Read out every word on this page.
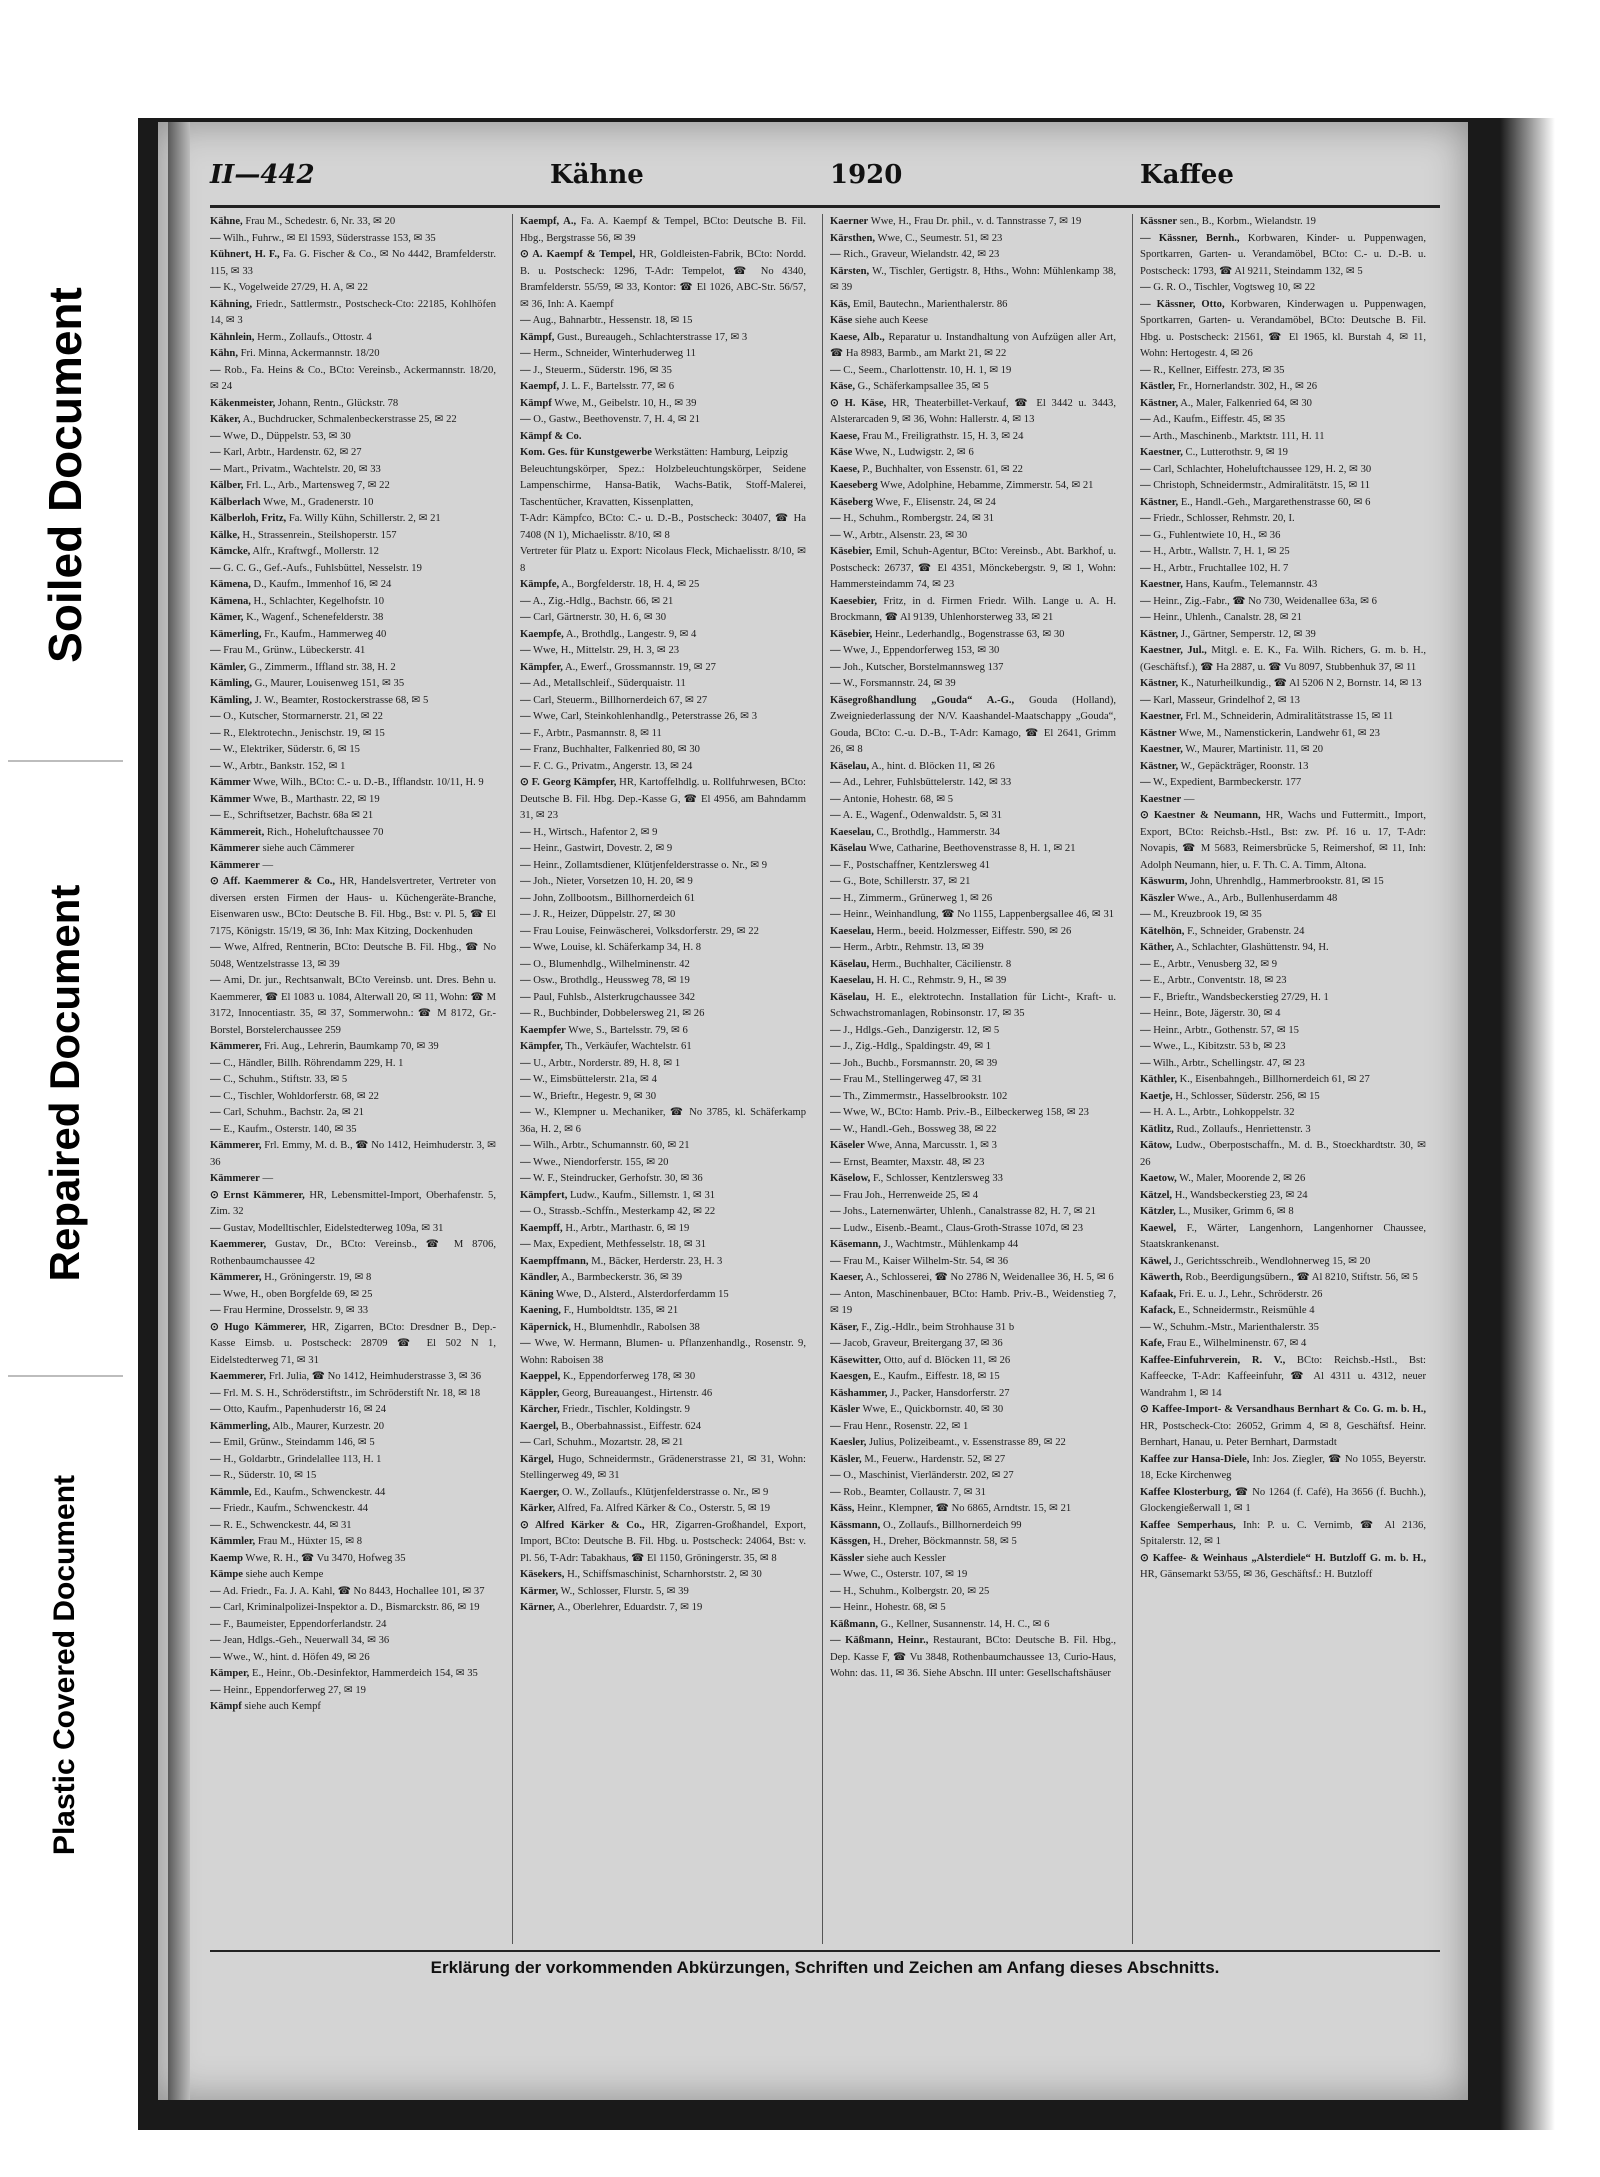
Soiled Document
Repaired Document
Plastic Covered Document
II—442	Kähne	1920	Kaffee

Kähne, Frau M., Schedestr. 6, Nr. 33, ✉ 20

— Wilh., Fuhrw., ✉ El 1593, Süderstrasse 153, ✉ 35

Kühnert, H. F., Fa. G. Fischer & Co., ✉ No 4442, Bramfelderstr. 115, ✉ 33

— K., Vogelweide 27/29, H. A, ✉ 22

Kähning, Friedr., Sattlermstr., Postscheck-Cto: 22185, Kohlhöfen 14, ✉ 3

Kähnlein, Herm., Zollaufs., Ottostr. 4

Kähn, Fri. Minna, Ackermannstr. 18/20

— Rob., Fa. Heins & Co., BCto: Vereinsb., Ackermannstr. 18/20, ✉ 24

Käkenmeister, Johann, Rentn., Glückstr. 78

Käker, A., Buchdrucker, Schmalenbeckerstrasse 25, ✉ 22

— Wwe, D., Düppelstr. 53, ✉ 30

— Karl, Arbtr., Hardenstr. 62, ✉ 27

— Mart., Privatm., Wachtelstr. 20, ✉ 33

Kälber, Frl. L., Arb., Martensweg 7, ✉ 22

Kälberlach Wwe, M., Gradenerstr. 10

Kälberloh, Fritz, Fa. Willy Kühn, Schillerstr. 2, ✉ 21

Kälke, H., Strassenrein., Steilshoperstr. 157

Kämcke, Alfr., Kraftwgf., Mollerstr. 12

— G. C. G., Gef.-Aufs., Fuhlsbüttel, Nesselstr. 19

Kämena, D., Kaufm., Immenhof 16, ✉ 24

Kämena, H., Schlachter, Kegelhofstr. 10

Kämer, K., Wagenf., Schenefelderstr. 38

Kämerling, Fr., Kaufm., Hammerweg 40

— Frau M., Grünw., Lübeckerstr. 41

Kämler, G., Zimmerm., Iffland str. 38, H. 2

Kämling, G., Maurer, Louisenweg 151, ✉ 35

Kämling, J. W., Beamter, Rostockerstrasse 68, ✉ 5

— O., Kutscher, Stormarnerstr. 21, ✉ 22

— R., Elektrotechn., Jenischstr. 19, ✉ 15

— W., Elektriker, Süderstr. 6, ✉ 15

— W., Arbtr., Bankstr. 152, ✉ 1

Kämmer Wwe, Wilh., BCto: C.- u. D.-B., Ifflandstr. 10/11, H. 9

Kämmer Wwe, B., Marthastr. 22, ✉ 19

— E., Schriftsetzer, Bachstr. 68a ✉ 21

Kämmereit, Rich., Hoheluftchaussee 70

Kämmerer siehe auch Cämmerer

Kämmerer —

⊙ Aff. Kaemmerer & Co., HR, Handelsvertreter, Vertreter von diversen ersten Firmen der Haus- u. Küchengeräte-Branche, Eisenwaren usw., BCto: Deutsche B. Fil. Hbg., Bst: v. Pl. 5, ☎ El 7175, Königstr. 15/19, ✉ 36, Inh: Max Kitzing, Dockenhuden

— Wwe, Alfred, Rentnerin, BCto: Deutsche B. Fil. Hbg., ☎ No 5048, Wentzelstrasse 13, ✉ 39

— Ami, Dr. jur., Rechtsanwalt, BCto Vereinsb. unt. Dres. Behn u. Kaemmerer, ☎ El 1083 u. 1084, Alterwall 20, ✉ 11, Wohn: ☎ M 3172, Innocentiastr. 35, ✉ 37, Sommerwohn.: ☎ M 8172, Gr.-Borstel, Borstelerchaussee 259

Kämmerer, Fri. Aug., Lehrerin, Baumkamp 70, ✉ 39

— C., Händler, Billh. Röhrendamm 229, H. 1

— C., Schuhm., Stiftstr. 33, ✉ 5

— C., Tischler, Wohldorferstr. 68, ✉ 22

— Carl, Schuhm., Bachstr. 2a, ✉ 21

— E., Kaufm., Osterstr. 140, ✉ 35

Kämmerer, Frl. Emmy, M. d. B., ☎ No 1412, Heimhuderstr. 3, ✉ 36

Kämmerer —

⊙ Ernst Kämmerer, HR, Lebensmittel-Import, Oberhafenstr. 5, Zim. 32

— Gustav, Modelltischler, Eidelstedterweg 109a, ✉ 31

Kaemmerer, Gustav, Dr., BCto: Vereinsb., ☎ M 8706, Rothenbaumchaussee 42

Kämmerer, H., Gröningerstr. 19, ✉ 8

— Wwe, H., oben Borgfelde 69, ✉ 25

— Frau Hermine, Drosselstr. 9, ✉ 33

⊙ Hugo Kämmerer, HR, Zigarren, BCto: Dresdner B., Dep.-Kasse Eimsb. u. Postscheck: 28709 ☎ El 502 N 1, Eidelstedterweg 71, ✉ 31

Kaemmerer, Frl. Julia, ☎ No 1412, Heimhuderstrasse 3, ✉ 36

— Frl. M. S. H., Schröderstiftstr., im Schröderstift Nr. 18, ✉ 18

— Otto, Kaufm., Papenhuderstr 16, ✉ 24

Kämmerling, Alb., Maurer, Kurzestr. 20

— Emil, Grünw., Steindamm 146, ✉ 5

— H., Goldarbtr., Grindelallee 113, H. 1

— R., Süderstr. 10, ✉ 15

Kämmle, Ed., Kaufm., Schwenckestr. 44

— Friedr., Kaufm., Schwenckestr. 44

— R. E., Schwenckestr. 44, ✉ 31

Kämmler, Frau M., Hüxter 15, ✉ 8

Kaemp Wwe, R. H., ☎ Vu 3470, Hofweg 35

Kämpe siehe auch Kempe

— Ad. Friedr., Fa. J. A. Kahl, ☎ No 8443, Hochallee 101, ✉ 37

— Carl, Kriminalpolizei-Inspektor a. D., Bismarckstr. 86, ✉ 19

— F., Baumeister, Eppendorferlandstr. 24

— Jean, Hdlgs.-Geh., Neuerwall 34, ✉ 36

— Wwe., W., hint. d. Höfen 49, ✉ 26

Kämper, E., Heinr., Ob.-Desinfektor, Hammerdeich 154, ✉ 35

— Heinr., Eppendorferweg 27, ✉ 19

Kämpf siehe auch Kempf

Kaempf, A., Fa. A. Kaempf & Tempel, BCto: Deutsche B. Fil. Hbg., Bergstrasse 56, ✉ 39

⊙ A. Kaempf & Tempel, HR, Goldleisten-Fabrik, BCto: Nordd. B. u. Postscheck: 1296, T-Adr: Tempelot, ☎ No 4340, Bramfelderstr. 55/59, ✉ 33, Kontor: ☎ El 1026, ABC-Str. 56/57, ✉ 36, Inh: A. Kaempf

— Aug., Bahnarbtr., Hessenstr. 18, ✉ 15

Kämpf, Gust., Bureaugeh., Schlachterstrasse 17, ✉ 3

— Herm., Schneider, Winterhuderweg 11

— J., Steuerm., Süderstr. 196, ✉ 35

Kaempf, J. L. F., Bartelsstr. 77, ✉ 6

Kämpf Wwe, M., Geibelstr. 10, H., ✉ 39

— O., Gastw., Beethovenstr. 7, H. 4, ✉ 21

Kämpf & Co.

Kom. Ges. für Kunstgewerbe Werkstätten: Hamburg, Leipzig

Beleuchtungskörper, Spez.: Holzbeleuchtungskörper, Seidene Lampenschirme, Hansa-Batik, Wachs-Batik, Stoff-Malerei, Taschentücher, Kravatten, Kissenplatten,

T-Adr: Kämpfco, BCto: C.- u. D.-B., Postscheck: 30407, ☎ Ha 7408 (N 1), Michaelisstr. 8/10, ✉ 8

Vertreter für Platz u. Export: Nicolaus Fleck, Michaelisstr. 8/10, ✉ 8

Kämpfe, A., Borgfelderstr. 18, H. 4, ✉ 25

— A., Zig.-Hdlg., Bachstr. 66, ✉ 21

— Carl, Gärtnerstr. 30, H. 6, ✉ 30

Kaempfe, A., Brothdlg., Langestr. 9, ✉ 4

— Wwe, H., Mittelstr. 29, H. 3, ✉ 23

Kämpfer, A., Ewerf., Grossmannstr. 19, ✉ 27

— Ad., Metallschleif., Süderquaistr. 11

— Carl, Steuerm., Billhornerdeich 67, ✉ 27

— Wwe, Carl, Steinkohlenhandlg., Peterstrasse 26, ✉ 3

— F., Arbtr., Pasmannstr. 8, ✉ 11

— Franz, Buchhalter, Falkenried 80, ✉ 30

— F. C. G., Privatm., Angerstr. 13, ✉ 24

⊙ F. Georg Kämpfer, HR, Kartoffelhdlg. u. Rollfuhrwesen, BCto: Deutsche B. Fil. Hbg. Dep.-Kasse G, ☎ El 4956, am Bahndamm 31, ✉ 23

— H., Wirtsch., Hafentor 2, ✉ 9

— Heinr., Gastwirt, Dovestr. 2, ✉ 9

— Heinr., Zollamtsdiener, Klütjenfelderstrasse o. Nr., ✉ 9

— Joh., Nieter, Vorsetzen 10, H. 20, ✉ 9

— John, Zollbootsm., Billhornerdeich 61

— J. R., Heizer, Düppelstr. 27, ✉ 30

— Frau Louise, Feinwäscherei, Volksdorferstr. 29, ✉ 22

— Wwe, Louise, kl. Schäferkamp 34, H. 8

— O., Blumenhdlg., Wilhelminenstr. 42

— Osw., Brothdlg., Heussweg 78, ✉ 19

— Paul, Fuhlsb., Alsterkrugchaussee 342

— R., Buchbinder, Dobbelersweg 21, ✉ 26

Kaempfer Wwe, S., Bartelsstr. 79, ✉ 6

Kämpfer, Th., Verkäufer, Wachtelstr. 61

— U., Arbtr., Norderstr. 89, H. 8, ✉ 1

— W., Eimsbüttelerstr. 21a, ✉ 4

— W., Brieftr., Hegestr. 9, ✉ 30

— W., Klempner u. Mechaniker, ☎ No 3785, kl. Schäferkamp 36a, H. 2, ✉ 6

— Wilh., Arbtr., Schumannstr. 60, ✉ 21

— Wwe., Niendorferstr. 155, ✉ 20

— W. F., Steindrucker, Gerhofstr. 30, ✉ 36

Kämpfert, Ludw., Kaufm., Sillemstr. 1, ✉ 31

— O., Strassb.-Schffn., Mesterkamp 42, ✉ 22

Kaempff, H., Arbtr., Marthastr. 6, ✉ 19

— Max, Expedient, Methfesselstr. 18, ✉ 31

Kaempffmann, M., Bäcker, Herderstr. 23, H. 3

Kändler, A., Barmbeckerstr. 36, ✉ 39

Käning Wwe, D., Alsterd., Alsterdorferdamm 15

Kaening, F., Humboldtstr. 135, ✉ 21

Käpernick, H., Blumenhdlr., Rabolsen 38

— Wwe, W. Hermann, Blumen- u. Pflanzenhandlg., Rosenstr. 9, Wohn: Raboisen 38

Kaeppel, K., Eppendorferweg 178, ✉ 30

Käppler, Georg, Bureauangest., Hirtenstr. 46

Kärcher, Friedr., Tischler, Koldingstr. 9

Kaergel, B., Oberbahnassist., Eiffestr. 624

— Carl, Schuhm., Mozartstr. 28, ✉ 21

Kärgel, Hugo, Schneidermstr., Grädenerstrasse 21, ✉ 31, Wohn: Stellingerweg 49, ✉ 31

Kaerger, O. W., Zollaufs., Klütjenfelderstrasse o. Nr., ✉ 9

Kärker, Alfred, Fa. Alfred Kärker & Co., Osterstr. 5, ✉ 19

⊙ Alfred Kärker & Co., HR, Zigarren-Großhandel, Export, Import, BCto: Deutsche B. Fil. Hbg. u. Postscheck: 24064, Bst: v. Pl. 56, T-Adr: Tabakhaus, ☎ El 1150, Gröningerstr. 35, ✉ 8

Käsekers, H., Schiffsmaschinist, Scharnhorststr. 2, ✉ 30

Kärmer, W., Schlosser, Flurstr. 5, ✉ 39

Kärner, A., Oberlehrer, Eduardstr. 7, ✉ 19

Kaerner Wwe, H., Frau Dr. phil., v. d. Tannstrasse 7, ✉ 19

Kärsthen, Wwe, C., Seumestr. 51, ✉ 23

— Rich., Graveur, Wielandstr. 42, ✉ 23

Kärsten, W., Tischler, Gertigstr. 8, Hths., Wohn: Mühlenkamp 38, ✉ 39

Käs, Emil, Bautechn., Marienthalerstr. 86

Käse siehe auch Keese

Kaese, Alb., Reparatur u. Instandhaltung von Aufzügen aller Art, ☎ Ha 8983, Barmb., am Markt 21, ✉ 22

— C., Seem., Charlottenstr. 10, H. 1, ✉ 19

Käse, G., Schäferkampsallee 35, ✉ 5

⊙ H. Käse, HR, Theaterbillet-Verkauf, ☎ El 3442 u. 3443, Alsterarcaden 9, ✉ 36, Wohn: Hallerstr. 4, ✉ 13

Kaese, Frau M., Freiligrathstr. 15, H. 3, ✉ 24

Käse Wwe, N., Ludwigstr. 2, ✉ 6

Kaese, P., Buchhalter, von Essenstr. 61, ✉ 22

Kaeseberg Wwe, Adolphine, Hebamme, Zimmerstr. 54, ✉ 21

Käseberg Wwe, F., Elisenstr. 24, ✉ 24

— H., Schuhm., Rombergstr. 24, ✉ 31

— W., Arbtr., Alsenstr. 23, ✉ 30

Käsebier, Emil, Schuh-Agentur, BCto: Vereinsb., Abt. Barkhof, u. Postscheck: 26737, ☎ El 4351, Mönckebergstr. 9, ✉ 1, Wohn: Hammersteindamm 74, ✉ 23

Kaesebier, Fritz, in d. Firmen Friedr. Wilh. Lange u. A. H. Brockmann, ☎ Al 9139, Uhlenhorsterweg 33, ✉ 21

Käsebier, Heinr., Lederhandlg., Bogenstrasse 63, ✉ 30

— Wwe, J., Eppendorferweg 153, ✉ 30

— Joh., Kutscher, Borstelmannsweg 137

— W., Forsmannstr. 24, ✉ 39

Käsegroßhandlung „Gouda“ A.-G., Gouda (Holland), Zweigniederlassung der N/V. Kaashandel-Maatschappy „Gouda“, Gouda, BCto: C.-u. D.-B., T-Adr: Kamago, ☎ El 2641, Grimm 26, ✉ 8

Käselau, A., hint. d. Blöcken 11, ✉ 26

— Ad., Lehrer, Fuhlsbüttelerstr. 142, ✉ 33

— Antonie, Hohestr. 68, ✉ 5

— A. E., Wagenf., Odenwaldstr. 5, ✉ 31

Kaeselau, C., Brothdlg., Hammerstr. 34

Käselau Wwe, Catharine, Beethovenstrasse 8, H. 1, ✉ 21

— F., Postschaffner, Kentzlersweg 41

— G., Bote, Schillerstr. 37, ✉ 21

— H., Zimmerm., Grünerweg 1, ✉ 26

— Heinr., Weinhandlung, ☎ No 1155, Lappenbergsallee 46, ✉ 31

Kaeselau, Herm., beeid. Holzmesser, Eiffestr. 590, ✉ 26

— Herm., Arbtr., Rehmstr. 13, ✉ 39

Käselau, Herm., Buchhalter, Cäcilienstr. 8

Kaeselau, H. H. C., Rehmstr. 9, H., ✉ 39

Käselau, H. E., elektrotechn. Installation für Licht-, Kraft- u. Schwachstromanlagen, Robinsonstr. 17, ✉ 35

— J., Hdlgs.-Geh., Danzigerstr. 12, ✉ 5

— J., Zig.-Hdlg., Spaldingstr. 49, ✉ 1

— Joh., Buchb., Forsmannstr. 20, ✉ 39

— Frau M., Stellingerweg 47, ✉ 31

— Th., Zimmermstr., Hasselbrookstr. 102

— Wwe, W., BCto: Hamb. Priv.-B., Eilbeckerweg 158, ✉ 23

— W., Handl.-Geh., Bossweg 38, ✉ 22

Käseler Wwe, Anna, Marcusstr. 1, ✉ 3

— Ernst, Beamter, Maxstr. 48, ✉ 23

Käselow, F., Schlosser, Kentzlersweg 33

— Frau Joh., Herrenweide 25, ✉ 4

— Johs., Laternenwärter, Uhlenh., Canalstrasse 82, H. 7, ✉ 21

— Ludw., Eisenb.-Beamt., Claus-Groth-Strasse 107d, ✉ 23

Käsemann, J., Wachtmstr., Mühlenkamp 44

— Frau M., Kaiser Wilhelm-Str. 54, ✉ 36

Kaeser, A., Schlosserei, ☎ No 2786 N, Weidenallee 36, H. 5, ✉ 6

— Anton, Maschinenbauer, BCto: Hamb. Priv.-B., Weidenstieg 7, ✉ 19

Käser, F., Zig.-Hdlr., beim Strohhause 31 b

— Jacob, Graveur, Breitergang 37, ✉ 36

Käsewitter, Otto, auf d. Blöcken 11, ✉ 26

Kaesgen, E., Kaufm., Eiffestr. 18, ✉ 15

Käshammer, J., Packer, Hansdorferstr. 27

Käsler Wwe, E., Quickbornstr. 40, ✉ 30

— Frau Henr., Rosenstr. 22, ✉ 1

Kaesler, Julius, Polizeibeamt., v. Essenstrasse 89, ✉ 22

Käsler, M., Feuerw., Hardenstr. 52, ✉ 27

— O., Maschinist, Vierländerstr. 202, ✉ 27

— Rob., Beamter, Collaustr. 7, ✉ 31

Käss, Heinr., Klempner, ☎ No 6865, Arndtstr. 15, ✉ 21

Kässmann, O., Zollaufs., Billhornerdeich 99

Kässgen, H., Dreher, Böckmannstr. 58, ✉ 5

Kässler siehe auch Kessler

— Wwe, C., Osterstr. 107, ✉ 19

— H., Schuhm., Kolbergstr. 20, ✉ 25

— Heinr., Hohestr. 68, ✉ 5

Käßmann, G., Kellner, Susannenstr. 14, H. C., ✉ 6

— Käßmann, Heinr., Restaurant, BCto: Deutsche B. Fil. Hbg., Dep. Kasse F, ☎ Vu 3848, Rothenbaumchaussee 13, Curio-Haus, Wohn: das. 11, ✉ 36. Siehe Abschn. III unter: Gesellschaftshäuser

Kässner sen., B., Korbm., Wielandstr. 19

— Kässner, Bernh., Korbwaren, Kinder- u. Puppenwagen, Sportkarren, Garten- u. Verandamöbel, BCto: C.- u. D.-B. u. Postscheck: 1793, ☎ Al 9211, Steindamm 132, ✉ 5

— G. R. O., Tischler, Vogtsweg 10, ✉ 22

— Kässner, Otto, Korbwaren, Kinderwagen u. Puppenwagen, Sportkarren, Garten- u. Verandamöbel, BCto: Deutsche B. Fil. Hbg. u. Postscheck: 21561, ☎ El 1965, kl. Burstah 4, ✉ 11, Wohn: Hertogestr. 4, ✉ 26

— R., Kellner, Eiffestr. 273, ✉ 35

Kästler, Fr., Hornerlandstr. 302, H., ✉ 26

Kästner, A., Maler, Falkenried 64, ✉ 30

— Ad., Kaufm., Eiffestr. 45, ✉ 35

— Arth., Maschinenb., Marktstr. 111, H. 11

Kaestner, C., Lutterothstr. 9, ✉ 19

— Carl, Schlachter, Hoheluftchaussee 129, H. 2, ✉ 30

— Christoph, Schneidermstr., Admiralitätstr. 15, ✉ 11

Kästner, E., Handl.-Geh., Margarethenstrasse 60, ✉ 6

— Friedr., Schlosser, Rehmstr. 20, I.

— G., Fuhlentwiete 10, H., ✉ 36

— H., Arbtr., Wallstr. 7, H. 1, ✉ 25

— H., Arbtr., Fruchtallee 102, H. 7

Kaestner, Hans, Kaufm., Telemannstr. 43

— Heinr., Zig.-Fabr., ☎ No 730, Weidenallee 63a, ✉ 6

— Heinr., Uhlenh., Canalstr. 28, ✉ 21

Kästner, J., Gärtner, Semperstr. 12, ✉ 39

Kaestner, Jul., Mitgl. e. E. K., Fa. Wilh. Richers, G. m. b. H., (Geschäftsf.), ☎ Ha 2887, u. ☎ Vu 8097, Stubbenhuk 37, ✉ 11

Kästner, K., Naturheilkundig., ☎ Al 5206 N 2, Bornstr. 14, ✉ 13

— Karl, Masseur, Grindelhof 2, ✉ 13

Kaestner, Frl. M., Schneiderin, Admiralitätstrasse 15, ✉ 11

Kästner Wwe, M., Namenstickerin, Landwehr 61, ✉ 23

Kaestner, W., Maurer, Martinistr. 11, ✉ 20

Kästner, W., Gepäckträger, Roonstr. 13

— W., Expedient, Barmbeckerstr. 177

Kaestner —

⊙ Kaestner & Neumann, HR, Wachs und Futtermitt., Import, Export, BCto: Reichsb.-Hstl., Bst: zw. Pf. 16 u. 17, T-Adr: Novapis, ☎ M 5683, Reimersbrücke 5, Reimershof, ✉ 11, Inh: Adolph Neumann, hier, u. F. Th. C. A. Timm, Altona.

Käswurm, John, Uhrenhdlg., Hammerbrookstr. 81, ✉ 15

Käszler Wwe., A., Arb., Bullenhuserdamm 48

— M., Kreuzbrook 19, ✉ 35

Kätelhön, F., Schneider, Grabenstr. 24

Käther, A., Schlachter, Glashüttenstr. 94, H.

— E., Arbtr., Venusberg 32, ✉ 9

— E., Arbtr., Conventstr. 18, ✉ 23

— F., Brieftr., Wandsbeckerstieg 27/29, H. 1

— Heinr., Bote, Jägerstr. 30, ✉ 4

— Heinr., Arbtr., Gothenstr. 57, ✉ 15

— Wwe., L., Kibitzstr. 53 b, ✉ 23

— Wilh., Arbtr., Schellingstr. 47, ✉ 23

Käthler, K., Eisenbahngeh., Billhornerdeich 61, ✉ 27

Kaetje, H., Schlosser, Süderstr. 256, ✉ 15

— H. A. L., Arbtr., Lohkoppelstr. 32

Kätlitz, Rud., Zollaufs., Henriettenstr. 3

Kätow, Ludw., Oberpostschaffn., M. d. B., Stoeckhardtstr. 30, ✉ 26

Kaetow, W., Maler, Moorende 2, ✉ 26

Kätzel, H., Wandsbeckerstieg 23, ✉ 24

Kätzler, L., Musiker, Grimm 6, ✉ 8

Kaewel, F., Wärter, Langenhorn, Langenhorner Chaussee, Staatskrankenanst.

Käwel, J., Gerichtsschreib., Wendlohnerweg 15, ✉ 20

Käwerth, Rob., Beerdigungsübern., ☎ Al 8210, Stiftstr. 56, ✉ 5

Kafaak, Fri. E. u. J., Lehr., Schröderstr. 26

Kafack, E., Schneidermstr., Reismühle 4

— W., Schuhm.-Mstr., Marienthalerstr. 35

Kafe, Frau E., Wilhelminenstr. 67, ✉ 4

Kaffee-Einfuhrverein, R. V., BCto: Reichsb.-Hstl., Bst: Kaffeecke, T-Adr: Kaffeeinfuhr, ☎ Al 4311 u. 4312, neuer Wandrahm 1, ✉ 14

⊙ Kaffee-Import- & Versandhaus Bernhart & Co. G. m. b. H., HR, Postscheck-Cto: 26052, Grimm 4, ✉ 8, Geschäftsf. Heinr. Bernhart, Hanau, u. Peter Bernhart, Darmstadt

Kaffee zur Hansa-Diele, Inh: Jos. Ziegler, ☎ No 1055, Beyerstr. 18, Ecke Kirchenweg

Kaffee Klosterburg, ☎ No 1264 (f. Café), Ha 3656 (f. Buchh.), Glockengießerwall 1, ✉ 1

Kaffee Semperhaus, Inh: P. u. C. Vernimb, ☎ Al 2136, Spitalerstr. 12, ✉ 1

⊙ Kaffee- & Weinhaus „Alsterdiele“ H. Butzloff G. m. b. H., HR, Gänsemarkt 53/55, ✉ 36, Geschäftsf.: H. Butzloff

Erklärung der vorkommenden Abkürzungen, Schriften und Zeichen am Anfang dieses Abschnitts.
